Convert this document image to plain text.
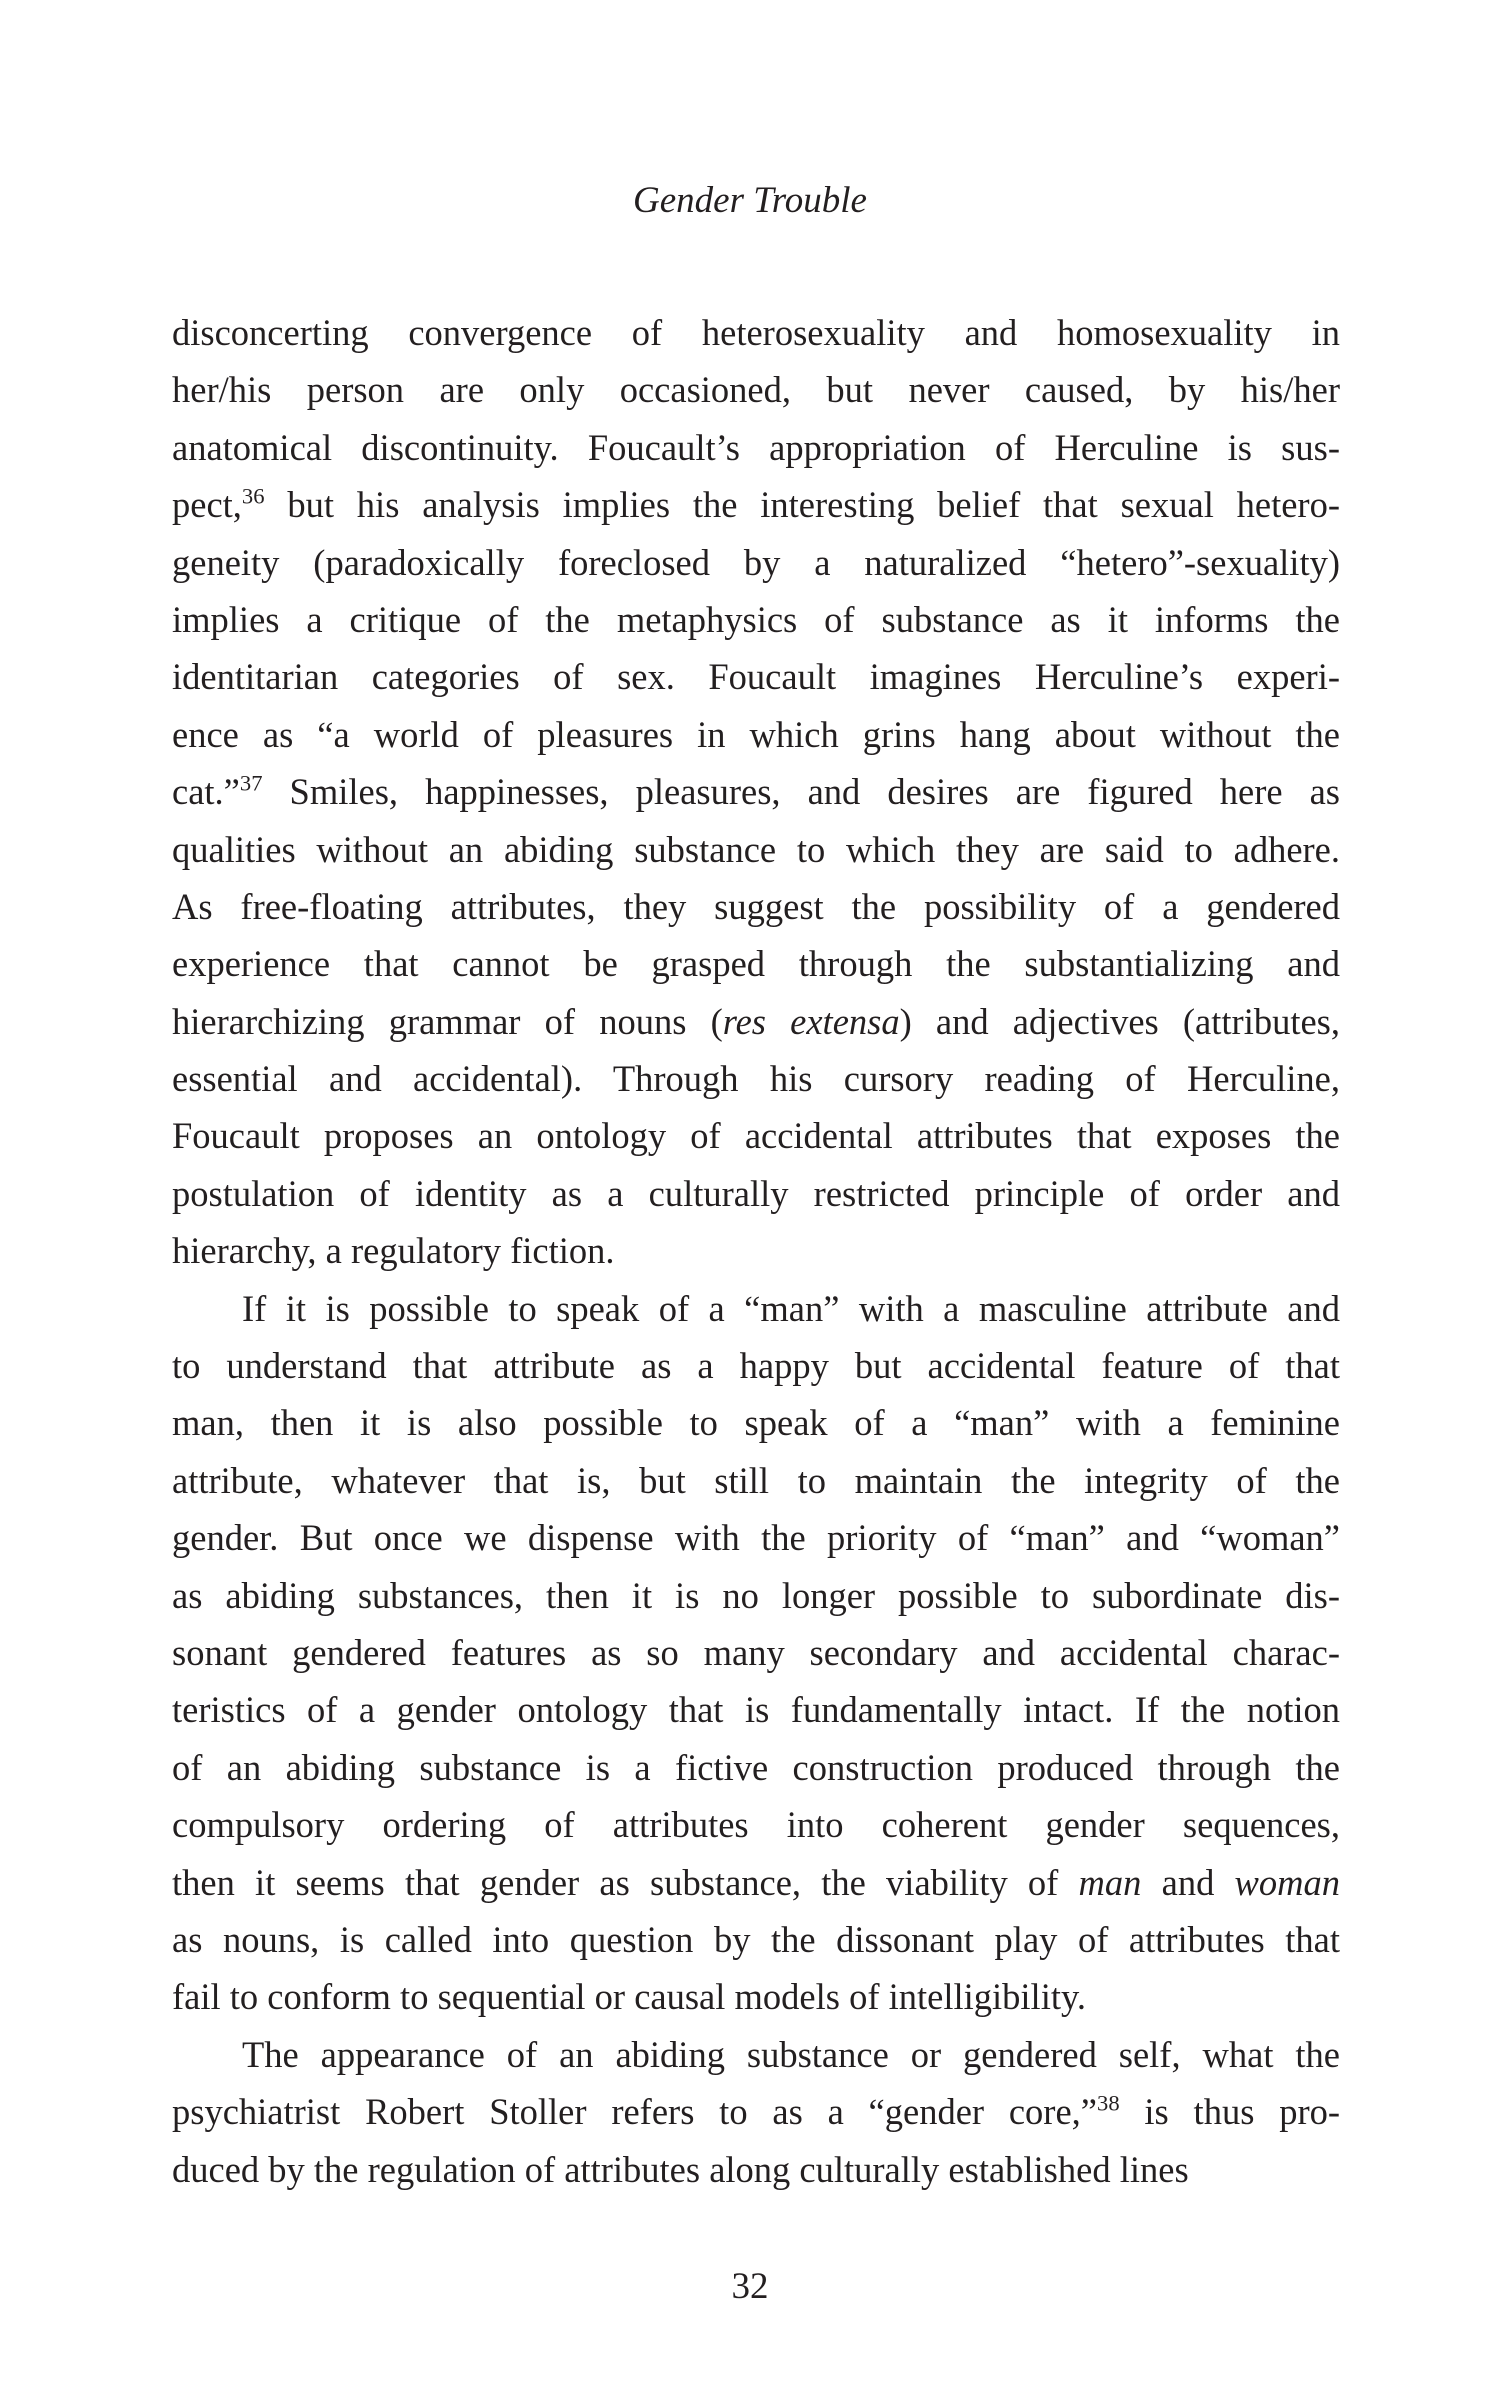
Gender Trouble
disconcerting convergence of heterosexuality and homosexuality in
her/his person are only occasioned, but never caused, by his/her
anatomical discontinuity. Foucault’s appropriation of Herculine is sus-
pect,$^{36}$ but his analysis implies the interesting belief that sexual hetero-
geneity (paradoxically foreclosed by a naturalized “hetero”-sexuality)
implies a critique of the metaphysics of substance as it informs the
identitarian categories of sex. Foucault imagines Herculine’s experi-
ence as “a world of pleasures in which grins hang about without the
cat.”$^{37}$ Smiles, happinesses, pleasures, and desires are figured here as
qualities without an abiding substance to which they are said to adhere.
As free-floating attributes, they suggest the possibility of a gendered
experience that cannot be grasped through the substantializing and
hierarchizing grammar of nouns (res extensa) and adjectives (attributes,
essential and accidental). Through his cursory reading of Herculine,
Foucault proposes an ontology of accidental attributes that exposes the
postulation of identity as a culturally restricted principle of order and
hierarchy, a regulatory fiction.
If it is possible to speak of a “man” with a masculine attribute and
to understand that attribute as a happy but accidental feature of that
man, then it is also possible to speak of a “man” with a feminine
attribute, whatever that is, but still to maintain the integrity of the
gender. But once we dispense with the priority of “man” and “woman”
as abiding substances, then it is no longer possible to subordinate dis-
sonant gendered features as so many secondary and accidental charac-
teristics of a gender ontology that is fundamentally intact. If the notion
of an abiding substance is a fictive construction produced through the
compulsory ordering of attributes into coherent gender sequences,
then it seems that gender as substance, the viability of man and woman
as nouns, is called into question by the dissonant play of attributes that
fail to conform to sequential or causal models of intelligibility.
The appearance of an abiding substance or gendered self, what the
psychiatrist Robert Stoller refers to as a “gender core,”$^{38}$ is thus pro-
duced by the regulation of attributes along culturally established lines
32
